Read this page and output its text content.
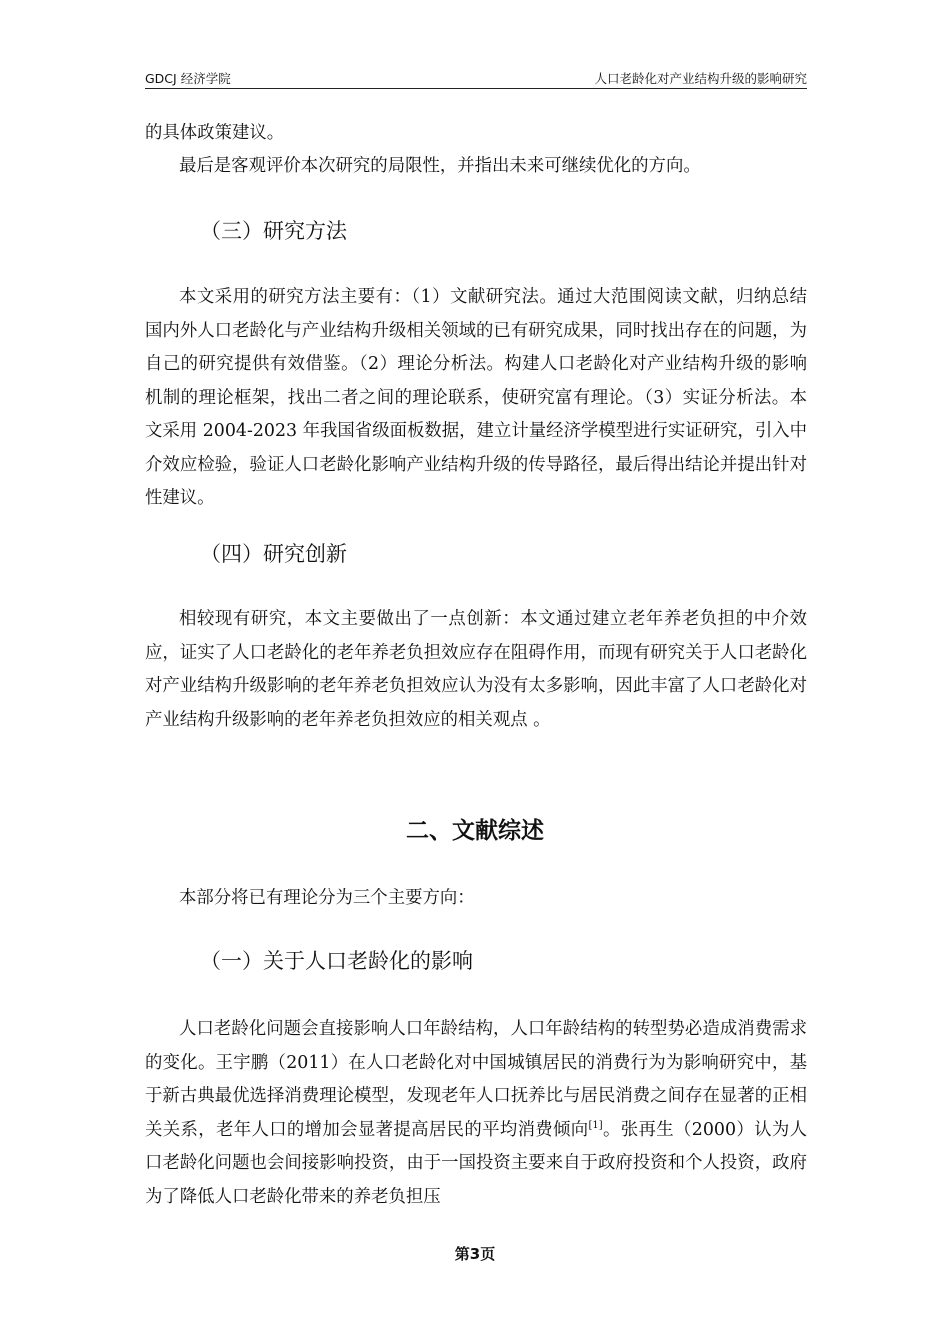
GDCJ 经济学院	人口老龄化对产业结构升级的影响研究

的具体政策建议。

最后是客观评价本次研究的局限性，并指出未来可继续优化的方向。

（三）研究方法

本文采用的研究方法主要有：（1）文献研究法。通过大范围阅读文献，归纳总结国内外人口老龄化与产业结构升级相关领域的已有研究成果，同时找出存在的问题，为自己的研究提供有效借鉴。（2）理论分析法。构建人口老龄化对产业结构升级的影响机制的理论框架，找出二者之间的理论联系，使研究富有理论。（3）实证分析法。本文采用 2004-2023 年我国省级面板数据，建立计量经济学模型进行实证研究，引入中介效应检验，验证人口老龄化影响产业结构升级的传导路径，最后得出结论并提出针对性建议。

（四）研究创新

相较现有研究，本文主要做出了一点创新：本文通过建立老年养老负担的中介效应，证实了人口老龄化的老年养老负担效应存在阻碍作用，而现有研究关于人口老龄化对产业结构升级影响的老年养老负担效应认为没有太多影响，因此丰富了人口老龄化对产业结构升级影响的老年养老负担效应的相关观点 。

二、文献综述

本部分将已有理论分为三个主要方向：

（一）关于人口老龄化的影响

人口老龄化问题会直接影响人口年龄结构，人口年龄结构的转型势必造成消费需求的变化。王宇鹏（2011）在人口老龄化对中国城镇居民的消费行为为影响研究中，基于新古典最优选择消费理论模型，发现老年人口抚养比与居民消费之间存在显著的正相关关系，老年人口的增加会显著提高居民的平均消费倾向[1]。张再生（2000）认为人口老龄化问题也会间接影响投资，由于一国投资主要来自于政府投资和个人投资，政府为了降低人口老龄化带来的养老负担压

第3页
